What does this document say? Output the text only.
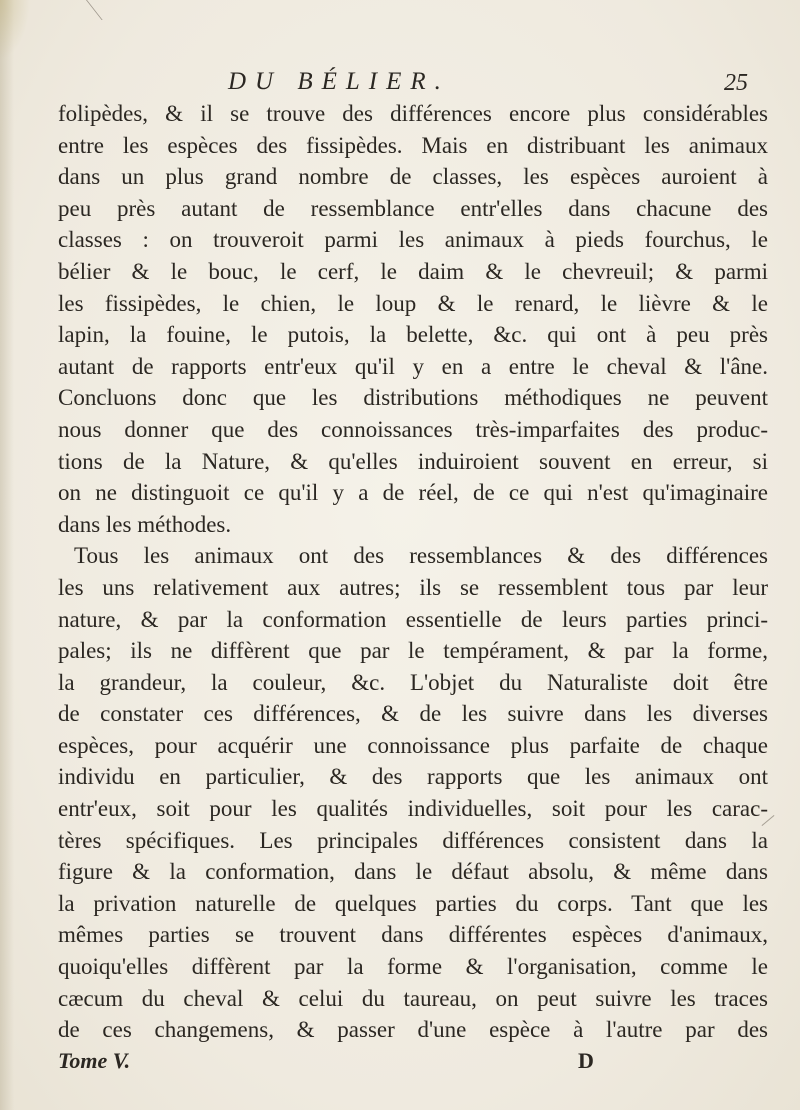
DU BÉLIER.	25
folipèdes, & il se trouve des différences encore plus considérables
entre les espèces des fissipèdes. Mais en distribuant les animaux
dans un plus grand nombre de classes, les espèces auroient à
peu près autant de ressemblance entr'elles dans chacune des
classes : on trouveroit parmi les animaux à pieds fourchus, le
bélier & le bouc, le cerf, le daim & le chevreuil; & parmi
les fissipèdes, le chien, le loup & le renard, le lièvre & le
lapin, la fouine, le putois, la belette, &c. qui ont à peu près
autant de rapports entr'eux qu'il y en a entre le cheval & l'âne.
Concluons donc que les distributions méthodiques ne peuvent
nous donner que des connoissances très-imparfaites des produc-
tions de la Nature, & qu'elles induiroient souvent en erreur, si
on ne distinguoit ce qu'il y a de réel, de ce qui n'est qu'imaginaire
dans les méthodes.
Tous les animaux ont des ressemblances & des différences
les uns relativement aux autres; ils se ressemblent tous par leur
nature, & par la conformation essentielle de leurs parties princi-
pales; ils ne diffèrent que par le tempérament, & par la forme,
la grandeur, la couleur, &c. L'objet du Naturaliste doit être
de constater ces différences, & de les suivre dans les diverses
espèces, pour acquérir une connoissance plus parfaite de chaque
individu en particulier, & des rapports que les animaux ont
entr'eux, soit pour les qualités individuelles, soit pour les carac-
tères spécifiques. Les principales différences consistent dans la
figure & la conformation, dans le défaut absolu, & même dans
la privation naturelle de quelques parties du corps. Tant que les
mêmes parties se trouvent dans différentes espèces d'animaux,
quoiqu'elles diffèrent par la forme & l'organisation, comme le
cæcum du cheval & celui du taureau, on peut suivre les traces
de ces changemens, & passer d'une espèce à l'autre par des
Tome V.	D
